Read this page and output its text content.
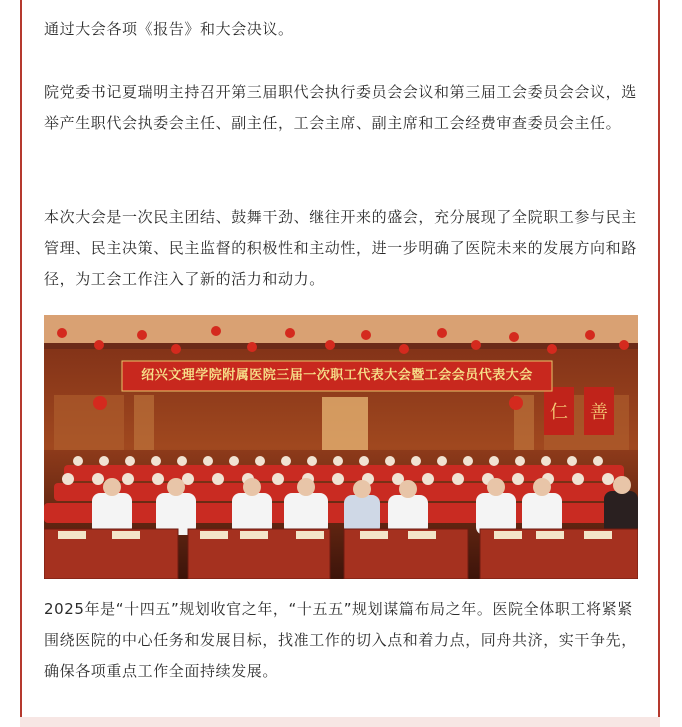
通过大会各项《报告》和大会决议。

院党委书记夏瑞明主持召开第三届职代会执行委员会会议和第三届工会委员会会议，选举产生职代会执委会主任、副主任，工会主席、副主席和工会经费审查委员会主任。

本次大会是一次民主团结、鼓舞干劲、继往开来的盛会，充分展现了全院职工参与民主管理、民主决策、民主监督的积极性和主动性，进一步明确了医院未来的发展方向和路径，为工会工作注入了新的活力和动力。

仁 善
绍兴文理学院附属医院三届一次职工代表大会暨工会会员代表大会

2025年是“十四五”规划收官之年，“十五五”规划谋篇布局之年。医院全体职工将紧紧围绕医院的中心任务和发展目标，找准工作的切入点和着力点，同舟共济，实干争先，确保各项重点工作全面持续发展。
